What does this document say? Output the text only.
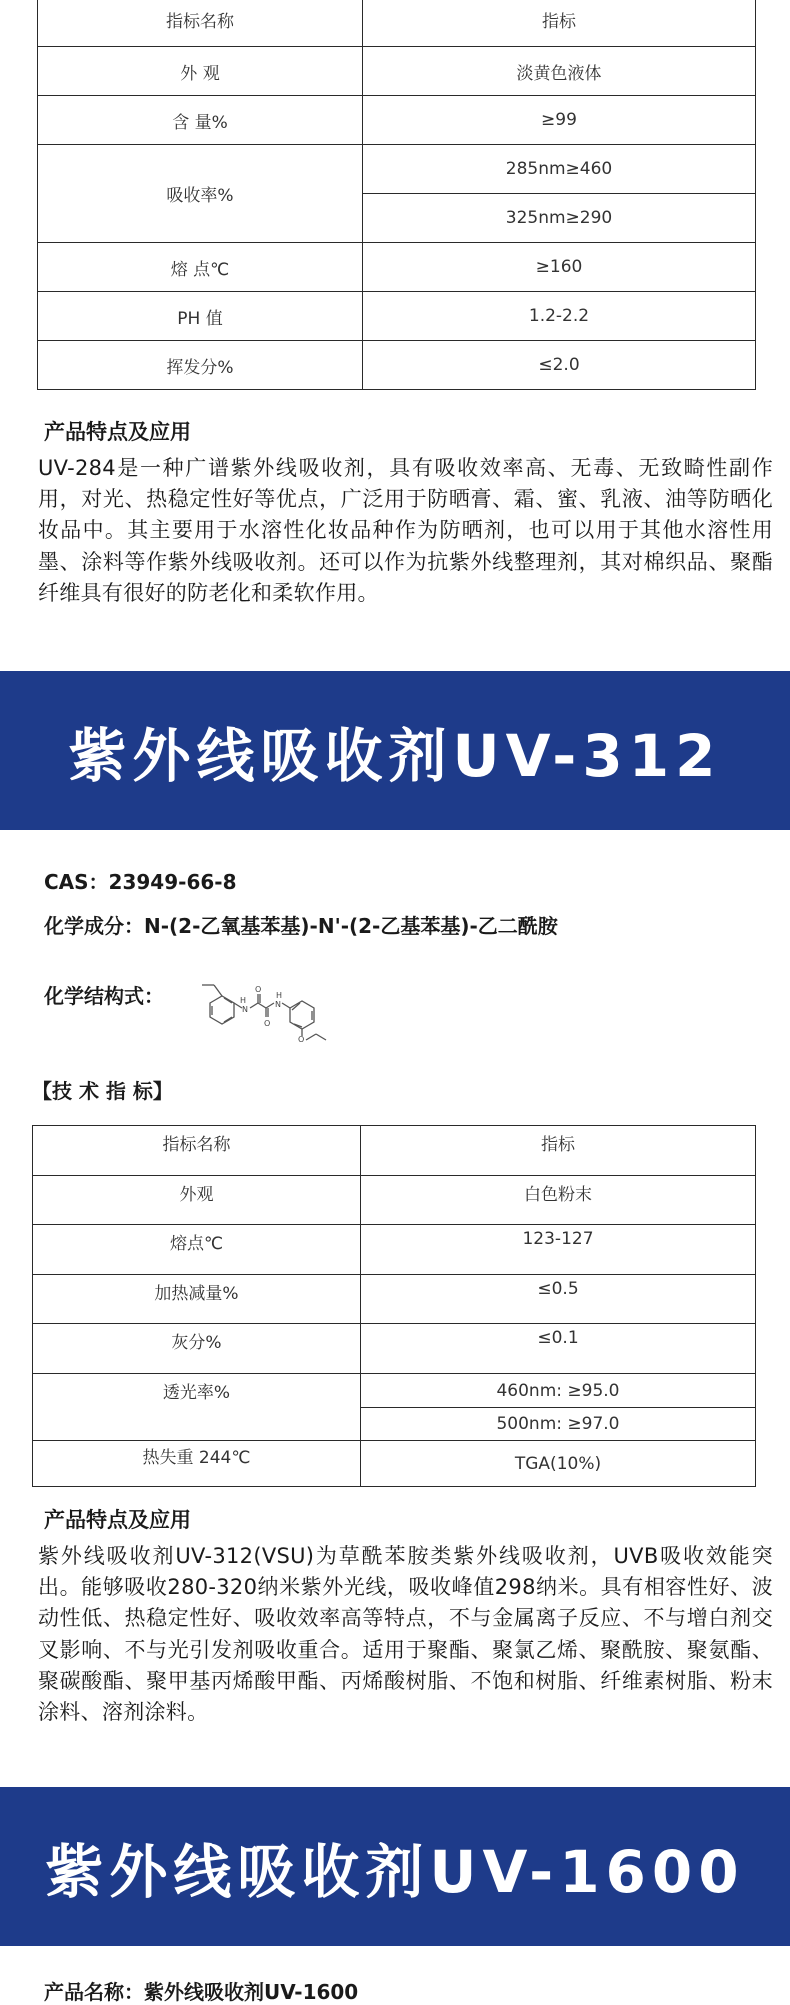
指标名称	指标
外 观	淡黄色液体
含 量%	≥99
吸收率%	285nm≥460
	325nm≥290
熔 点℃	≥160
PH 值	1.2-2.2
挥发分%	≤2.0
产品特点及应用
UV-284是一种广谱紫外线吸收剂，具有吸收效率高、无毒、无致畸性副作用，对光、热稳定性好等优点，广泛用于防晒膏、霜、蜜、乳液、油等防晒化妆品中。其主要用于水溶性化妆品种作为防晒剂，也可以用于其他水溶性用墨、涂料等作紫外线吸收剂。还可以作为抗紫外线整理剂，其对棉织品、聚酯纤维具有很好的防老化和柔软作用。
紫外线吸收剂UV-312
CAS：23949-66-8
化学成分：N-(2-乙氧基苯基)-N'-(2-乙基苯基)-乙二酰胺
化学结构式：	H
N
O
O
N
H
O
【技 术 指 标】
指标名称	指标
外观	白色粉末
熔点℃	123-127
加热减量%	≤0.5
灰分%	≤0.1
透光率%	460nm: ≥95.0
	500nm: ≥97.0
热失重 244℃	TGA(10%)
产品特点及应用
紫外线吸收剂UV-312(VSU)为草酰苯胺类紫外线吸收剂，UVB吸收效能突出。能够吸收280-320纳米紫外光线，吸收峰值298纳米。具有相容性好、波动性低、热稳定性好、吸收效率高等特点，不与金属离子反应、不与增白剂交叉影响、不与光引发剂吸收重合。适用于聚酯、聚氯乙烯、聚酰胺、聚氨酯、聚碳酸酯、聚甲基丙烯酸甲酯、丙烯酸树脂、不饱和树脂、纤维素树脂、粉末涂料、溶剂涂料。
紫外线吸收剂UV-1600
产品名称：紫外线吸收剂UV-1600
